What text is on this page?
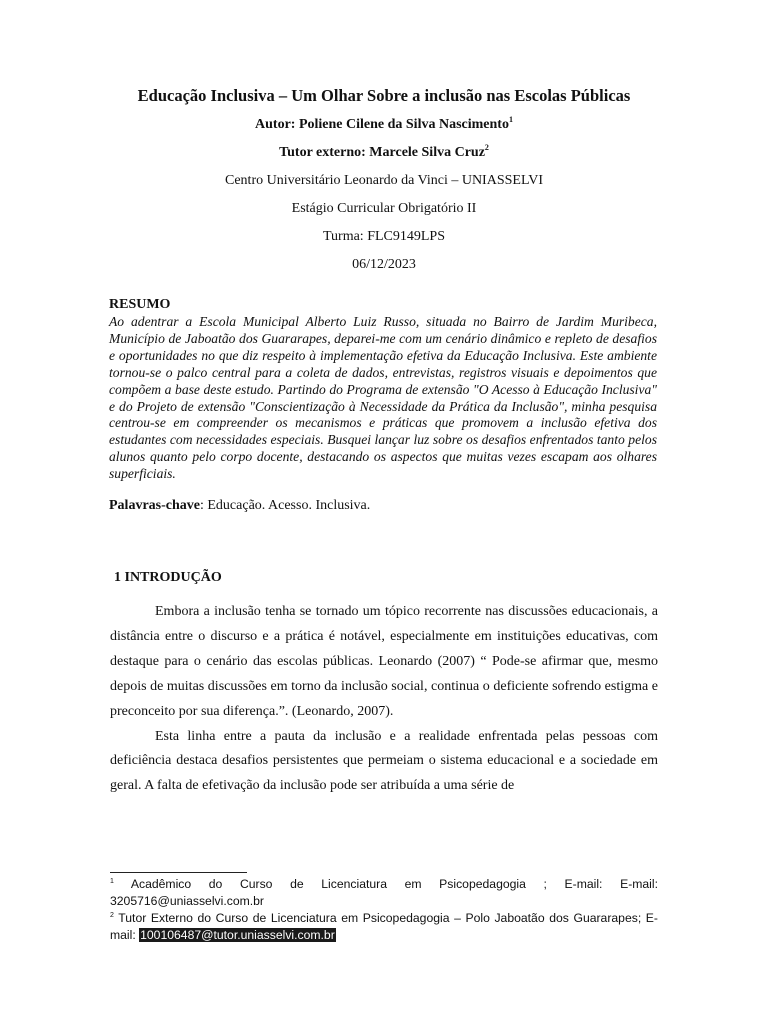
Educação Inclusiva – Um Olhar Sobre a inclusão nas Escolas Públicas
Autor: Poliene Cilene da Silva Nascimento$^1$
Tutor externo: Marcele Silva Cruz$^2$
Centro Universitário Leonardo da Vinci – UNIASSELVI
Estágio Curricular Obrigatório II
Turma: FLC9149LPS
06/12/2023
RESUMO
Ao adentrar a Escola Municipal Alberto Luiz Russo, situada no Bairro de Jardim Muribeca, Município de Jaboatão dos Guararapes, deparei-me com um cenário dinâmico e repleto de desafios e oportunidades no que diz respeito à implementação efetiva da Educação Inclusiva. Este ambiente tornou-se o palco central para a coleta de dados, entrevistas, registros visuais e depoimentos que compõem a base deste estudo. Partindo do Programa de extensão "O Acesso à Educação Inclusiva" e do Projeto de extensão "Conscientização à Necessidade da Prática da Inclusão", minha pesquisa centrou-se em compreender os mecanismos e práticas que promovem a inclusão efetiva dos estudantes com necessidades especiais. Busquei lançar luz sobre os desafios enfrentados tanto pelos alunos quanto pelo corpo docente, destacando os aspectos que muitas vezes escapam aos olhares superficiais.
Palavras-chave: Educação. Acesso. Inclusiva.
1 INTRODUÇÃO

Embora a inclusão tenha se tornado um tópico recorrente nas discussões educacionais, a distância entre o discurso e a prática é notável, especialmente em instituições educativas, com destaque para o cenário das escolas públicas. Leonardo (2007) “ Pode-se afirmar que, mesmo depois de muitas discussões em torno da inclusão social, continua o deficiente sofrendo estigma e preconceito por sua diferença.”. (Leonardo, 2007).

Esta linha entre a pauta da inclusão e a realidade enfrentada pelas pessoas com deficiência destaca desafios persistentes que permeiam o sistema educacional e a sociedade em geral. A falta de efetivação da inclusão pode ser atribuída a uma série de

$^1$ Acadêmico do Curso de Licenciatura em Psicopedagogia ; E-mail: E-mail: 3205716@uniasselvi.com.br

$^2$ Tutor Externo do Curso de Licenciatura em Psicopedagogia – Polo Jaboatão dos Guararapes; E-mail: 100106487@tutor.uniasselvi.com.br
